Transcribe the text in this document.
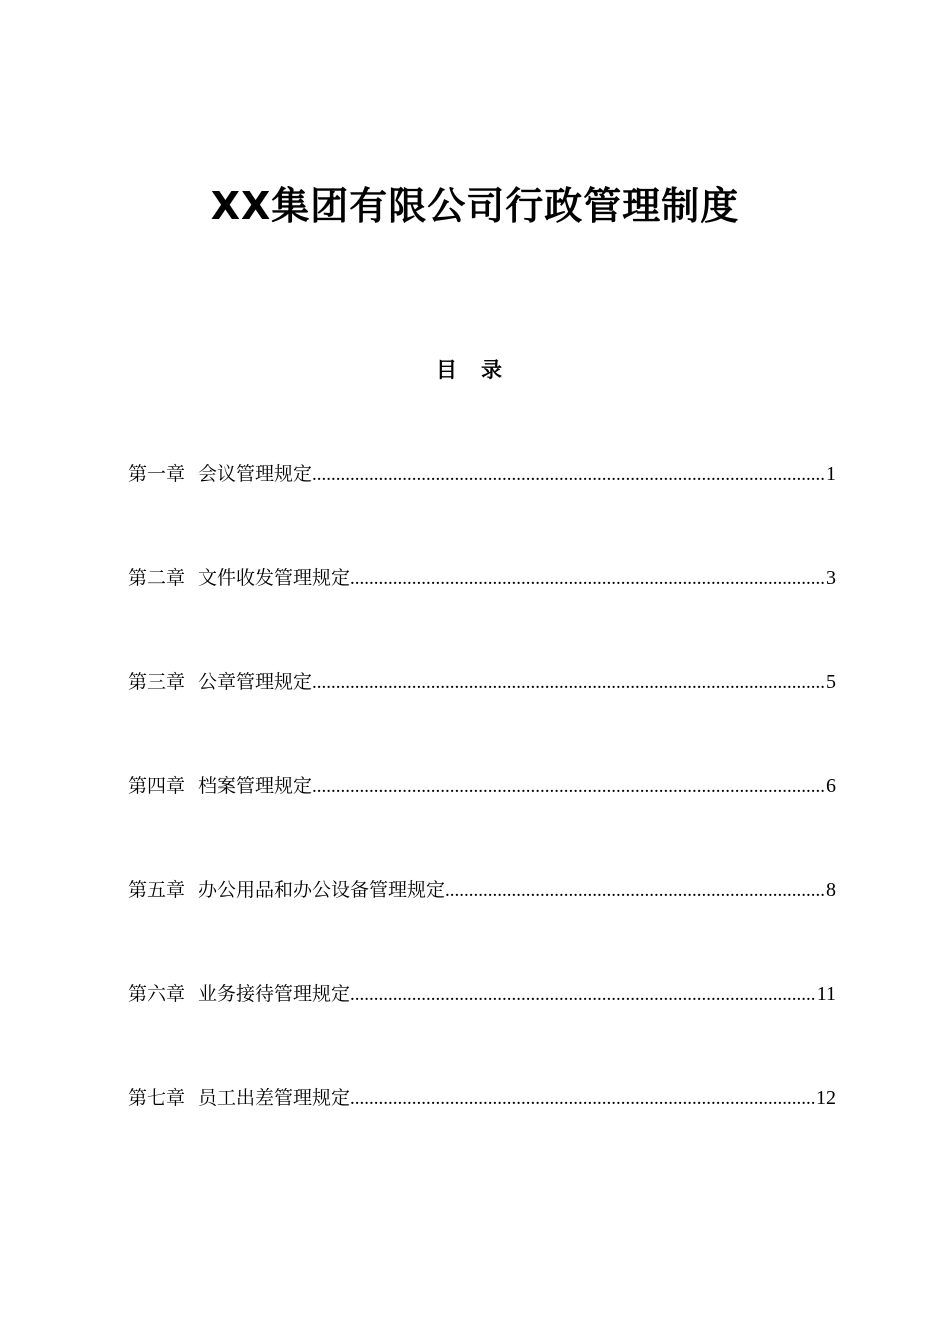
XX集团有限公司行政管理制度
目录
第一章 会议管理规定 .....	1
第二章 文件收发管理规定 .....	3
第三章 公章管理规定 .....	5
第四章 档案管理规定 .....	6
第五章 办公用品和办公设备管理规定 .....	8
第六章 业务接待管理规定 .....	11
第七章 员工出差管理规定 .....	12
